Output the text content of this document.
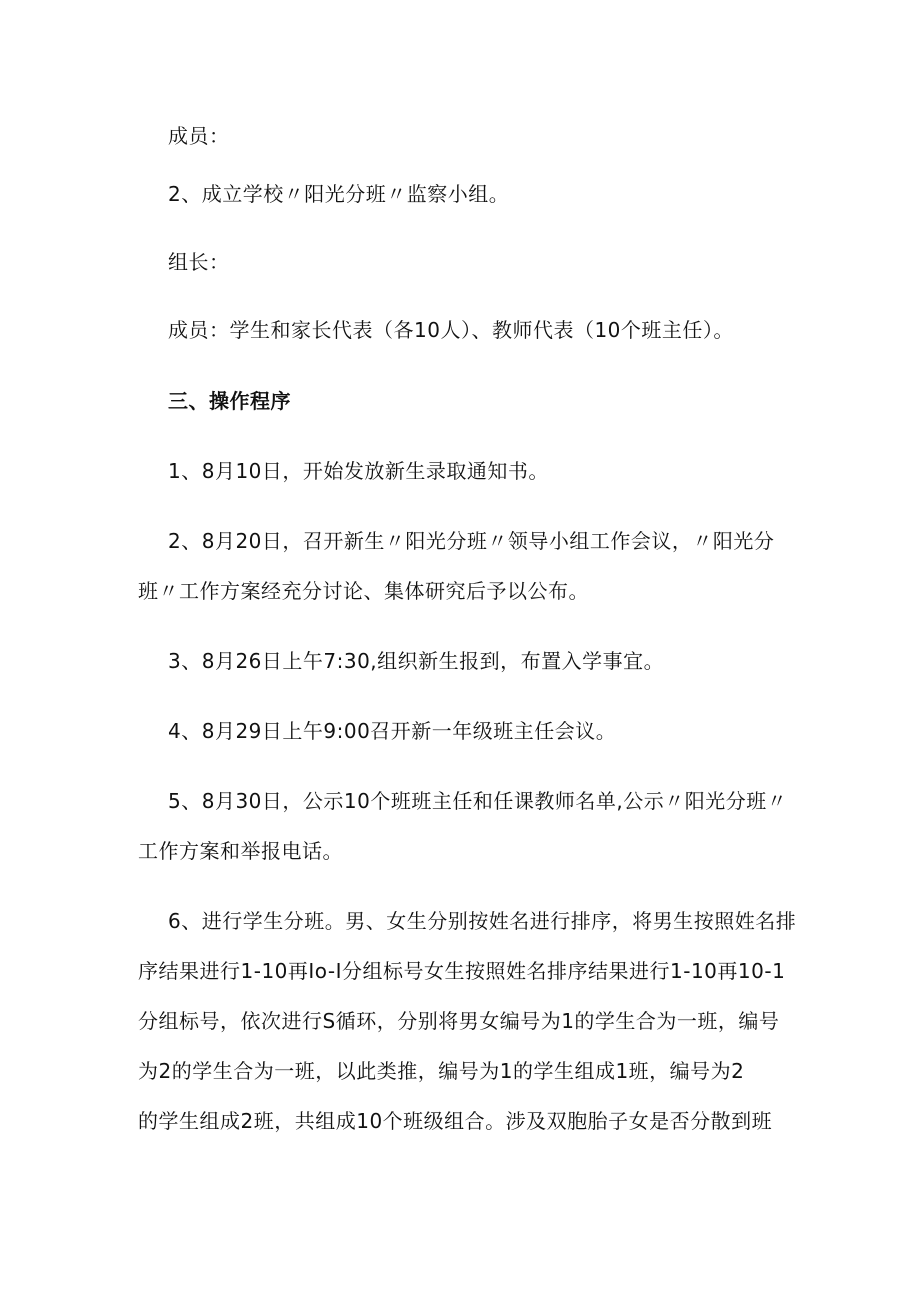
成员：
2、成立学校〃阳光分班〃监察小组。
组长：
成员：学生和家长代表（各10人）、教师代表（10个班主任）。
三、操作程序
1、8月10日，开始发放新生录取通知书。
2、8月20日，召开新生〃阳光分班〃领导小组工作会议，〃阳光分
班〃工作方案经充分讨论、集体研究后予以公布。
3、8月26日上午7:30,组织新生报到，布置入学事宜。
4、8月29日上午9:00召开新一年级班主任会议。
5、8月30日，公示10个班班主任和任课教师名单,公示〃阳光分班〃
工作方案和举报电话。
6、进行学生分班。男、女生分别按姓名进行排序，将男生按照姓名排
序结果进行1-10再Io-I分组标号女生按照姓名排序结果进行1-10再10-1
分组标号，依次进行S循环，分别将男女编号为1的学生合为一班，编号
为2的学生合为一班，以此类推，编号为1的学生组成1班，编号为2
的学生组成2班，共组成10个班级组合。涉及双胞胎子女是否分散到班
